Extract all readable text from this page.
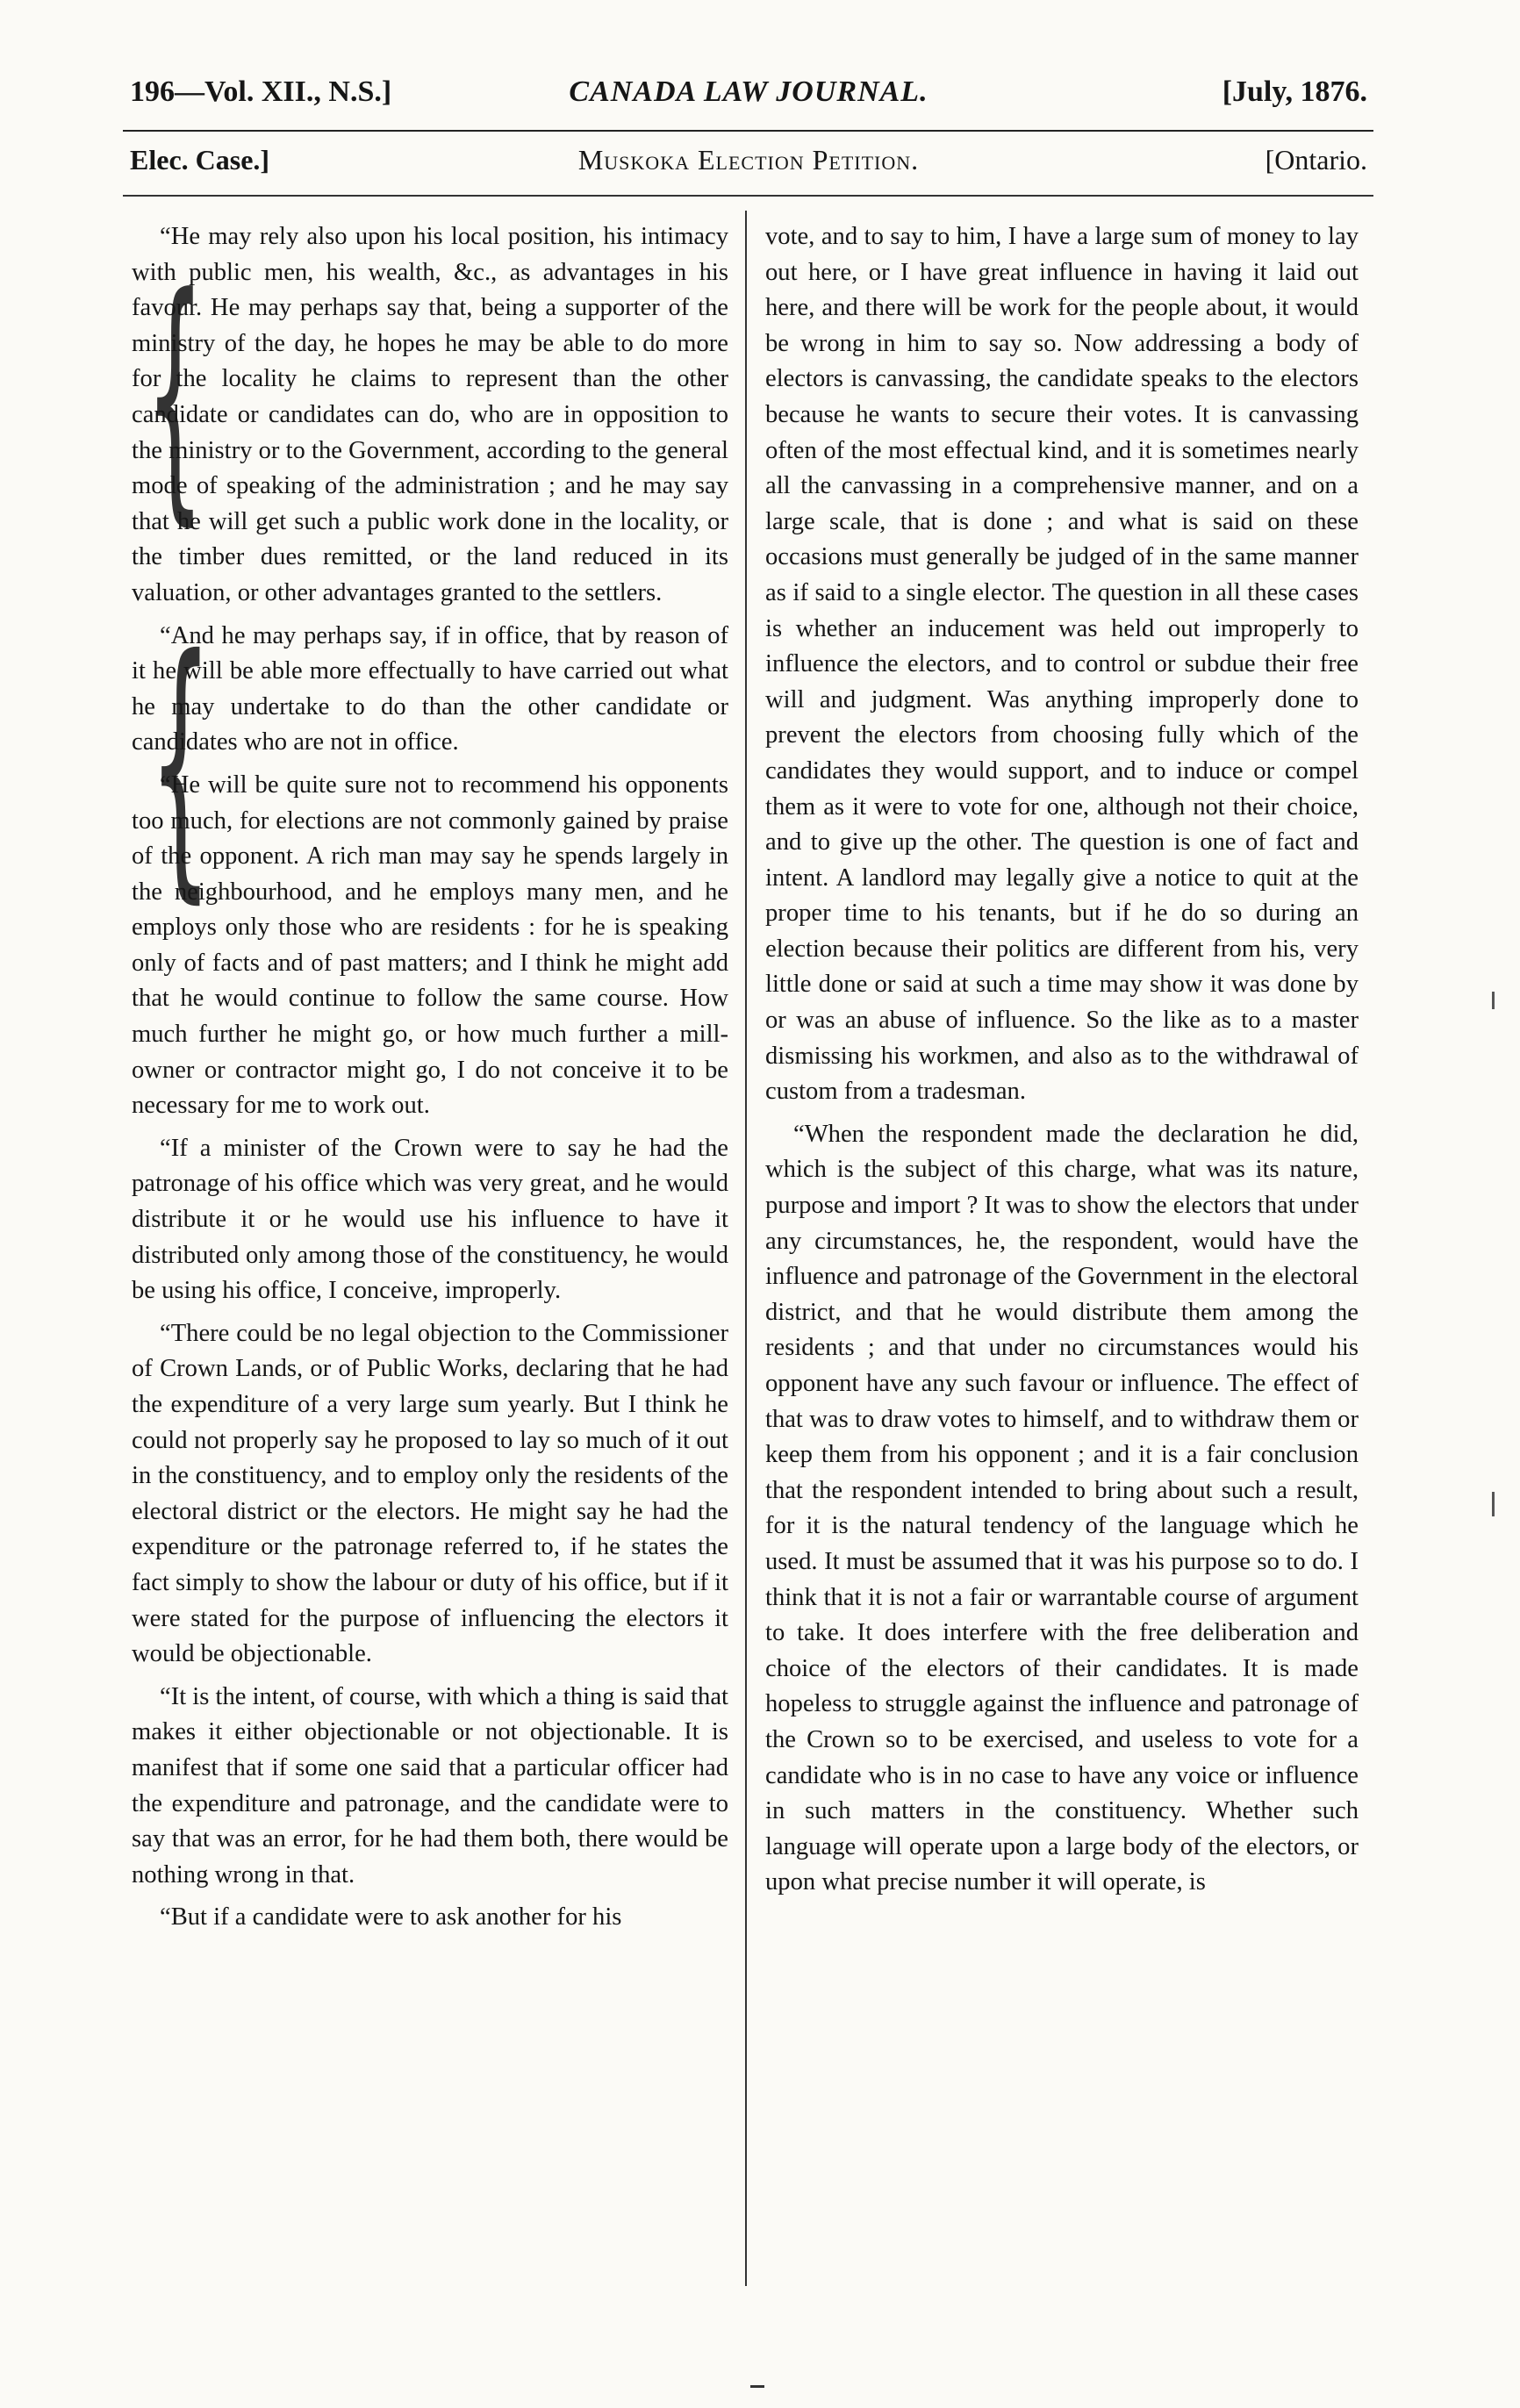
196—Vol. XII., N.S.]	CANADA LAW JOURNAL.	[July, 1876.
Elec. Case.]	Muskoka Election Petition.	[Ontario.
{
{

“He may rely also upon his local position, his intimacy with public men, his wealth, &c., as advantages in his favour. He may perhaps say that, being a supporter of the ministry of the day, he hopes he may be able to do more for the locality he claims to represent than the other candidate or candidates can do, who are in opposition to the ministry or to the Government, according to the general mode of speaking of the administration ; and he may say that he will get such a public work done in the locality, or the timber dues remitted, or the land reduced in its valuation, or other advantages granted to the settlers.

“And he may perhaps say, if in office, that by reason of it he will be able more effectually to have carried out what he may undertake to do than the other candidate or candidates who are not in office.

“He will be quite sure not to recommend his opponents too much, for elections are not commonly gained by praise of the opponent. A rich man may say he spends largely in the neighbourhood, and he employs many men, and he employs only those who are residents : for he is speaking only of facts and of past matters; and I think he might add that he would continue to follow the same course. How much further he might go, or how much further a mill-owner or contractor might go, I do not conceive it to be necessary for me to work out.

“If a minister of the Crown were to say he had the patronage of his office which was very great, and he would distribute it or he would use his influence to have it distributed only among those of the constituency, he would be using his office, I conceive, improperly.

“There could be no legal objection to the Commissioner of Crown Lands, or of Public Works, declaring that he had the expenditure of a very large sum yearly. But I think he could not properly say he proposed to lay so much of it out in the constituency, and to employ only the residents of the electoral district or the electors. He might say he had the expenditure or the patronage referred to, if he states the fact simply to show the labour or duty of his office, but if it were stated for the purpose of influencing the electors it would be objectionable.

“It is the intent, of course, with which a thing is said that makes it either objectionable or not objectionable. It is manifest that if some one said that a particular officer had the expenditure and patronage, and the candidate were to say that was an error, for he had them both, there would be nothing wrong in that.

“But if a candidate were to ask another for his

vote, and to say to him, I have a large sum of money to lay out here, or I have great influence in having it laid out here, and there will be work for the people about, it would be wrong in him to say so. Now addressing a body of electors is canvassing, the candidate speaks to the electors because he wants to secure their votes. It is canvassing often of the most effectual kind, and it is sometimes nearly all the canvassing in a comprehensive manner, and on a large scale, that is done ; and what is said on these occasions must generally be judged of in the same manner as if said to a single elector. The question in all these cases is whether an inducement was held out improperly to influence the electors, and to control or subdue their free will and judgment. Was anything improperly done to prevent the electors from choosing fully which of the candidates they would support, and to induce or compel them as it were to vote for one, although not their choice, and to give up the other. The question is one of fact and intent. A landlord may legally give a notice to quit at the proper time to his tenants, but if he do so during an election because their politics are different from his, very little done or said at such a time may show it was done by or was an abuse of influence. So the like as to a master dismissing his workmen, and also as to the withdrawal of custom from a tradesman.

“When the respondent made the declaration he did, which is the subject of this charge, what was its nature, purpose and import ? It was to show the electors that under any circumstances, he, the respondent, would have the influence and patronage of the Government in the electoral district, and that he would distribute them among the residents ; and that under no circumstances would his opponent have any such favour or influence. The effect of that was to draw votes to himself, and to withdraw them or keep them from his opponent ; and it is a fair conclusion that the respondent intended to bring about such a result, for it is the natural tendency of the language which he used. It must be assumed that it was his purpose so to do. I think that it is not a fair or warrantable course of argument to take. It does interfere with the free deliberation and choice of the electors of their candidates. It is made hopeless to struggle against the influence and patronage of the Crown so to be exercised, and useless to vote for a candidate who is in no case to have any voice or influence in such matters in the constituency. Whether such language will operate upon a large body of the electors, or upon what precise number it will operate, is
